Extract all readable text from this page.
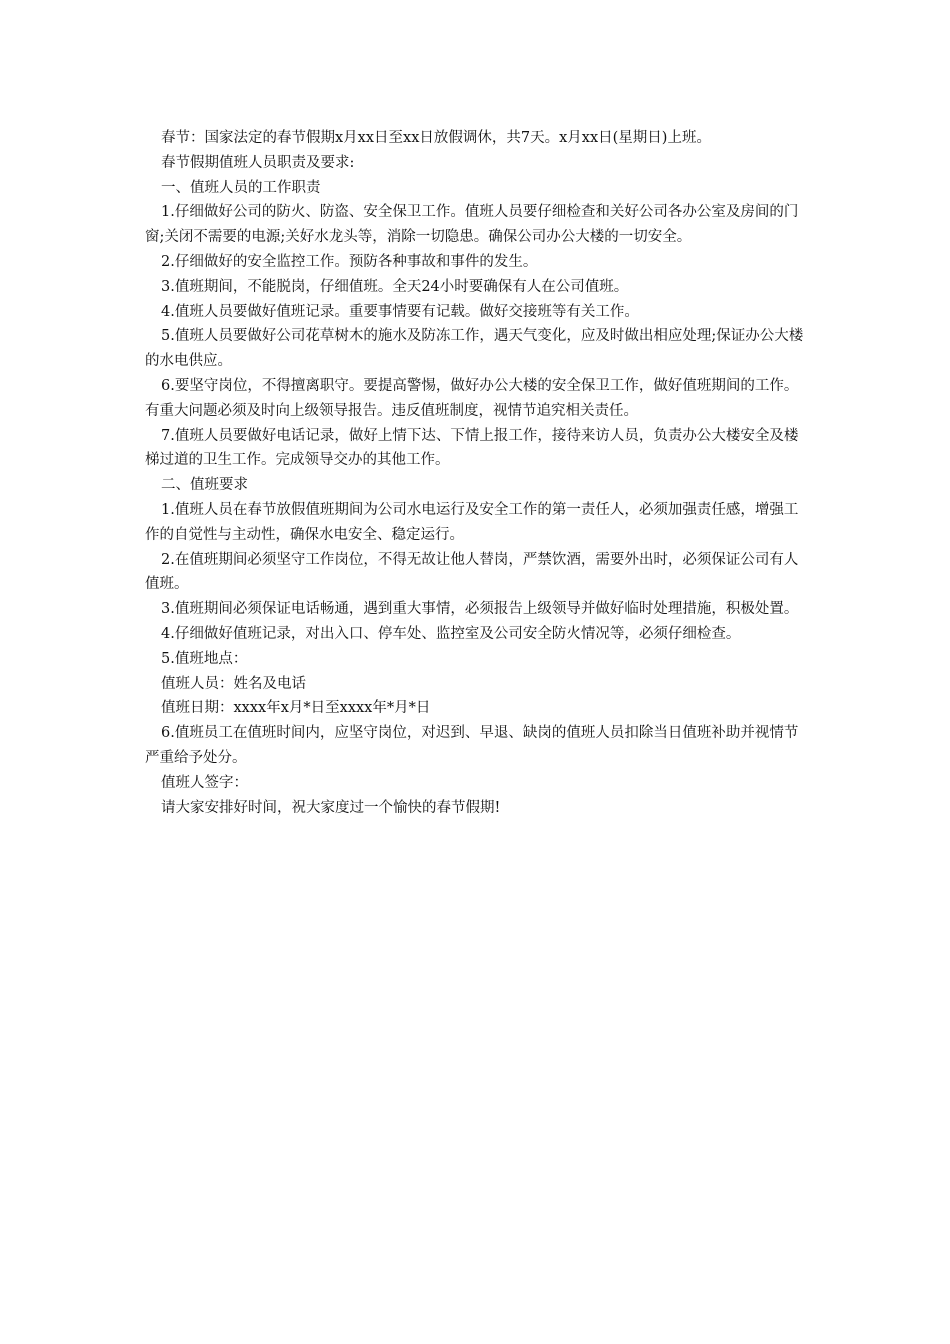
春节：国家法定的春节假期x月xx日至xx日放假调休，共7天。x月xx日(星期日)上班。

春节假期值班人员职责及要求:

一、值班人员的工作职责

1.仔细做好公司的防火、防盗、安全保卫工作。值班人员要仔细检查和关好公司各办公室及房间的门窗;关闭不需要的电源;关好水龙头等，消除一切隐患。确保公司办公大楼的一切安全。

2.仔细做好的安全监控工作。预防各种事故和事件的发生。

3.值班期间，不能脱岗，仔细值班。全天24小时要确保有人在公司值班。

4.值班人员要做好值班记录。重要事情要有记载。做好交接班等有关工作。

5.值班人员要做好公司花草树木的施水及防冻工作，遇天气变化，应及时做出相应处理;保证办公大楼的水电供应。

6.要坚守岗位，不得擅离职守。要提高警惕，做好办公大楼的安全保卫工作，做好值班期间的工作。有重大问题必须及时向上级领导报告。违反值班制度，视情节追究相关责任。

7.值班人员要做好电话记录，做好上情下达、下情上报工作，接待来访人员，负责办公大楼安全及楼梯过道的卫生工作。完成领导交办的其他工作。

二、值班要求

1.值班人员在春节放假值班期间为公司水电运行及安全工作的第一责任人，必须加强责任感，增强工作的自觉性与主动性，确保水电安全、稳定运行。

2.在值班期间必须坚守工作岗位，不得无故让他人替岗，严禁饮酒，需要外出时，必须保证公司有人值班。

3.值班期间必须保证电话畅通，遇到重大事情，必须报告上级领导并做好临时处理措施，积极处置。

4.仔细做好值班记录，对出入口、停车处、监控室及公司安全防火情况等，必须仔细检查。

5.值班地点：

值班人员：姓名及电话

值班日期：xxxx年x月*日至xxxx年*月*日

6.值班员工在值班时间内，应坚守岗位，对迟到、早退、缺岗的值班人员扣除当日值班补助并视情节严重给予处分。

值班人签字：

请大家安排好时间，祝大家度过一个愉快的春节假期!
